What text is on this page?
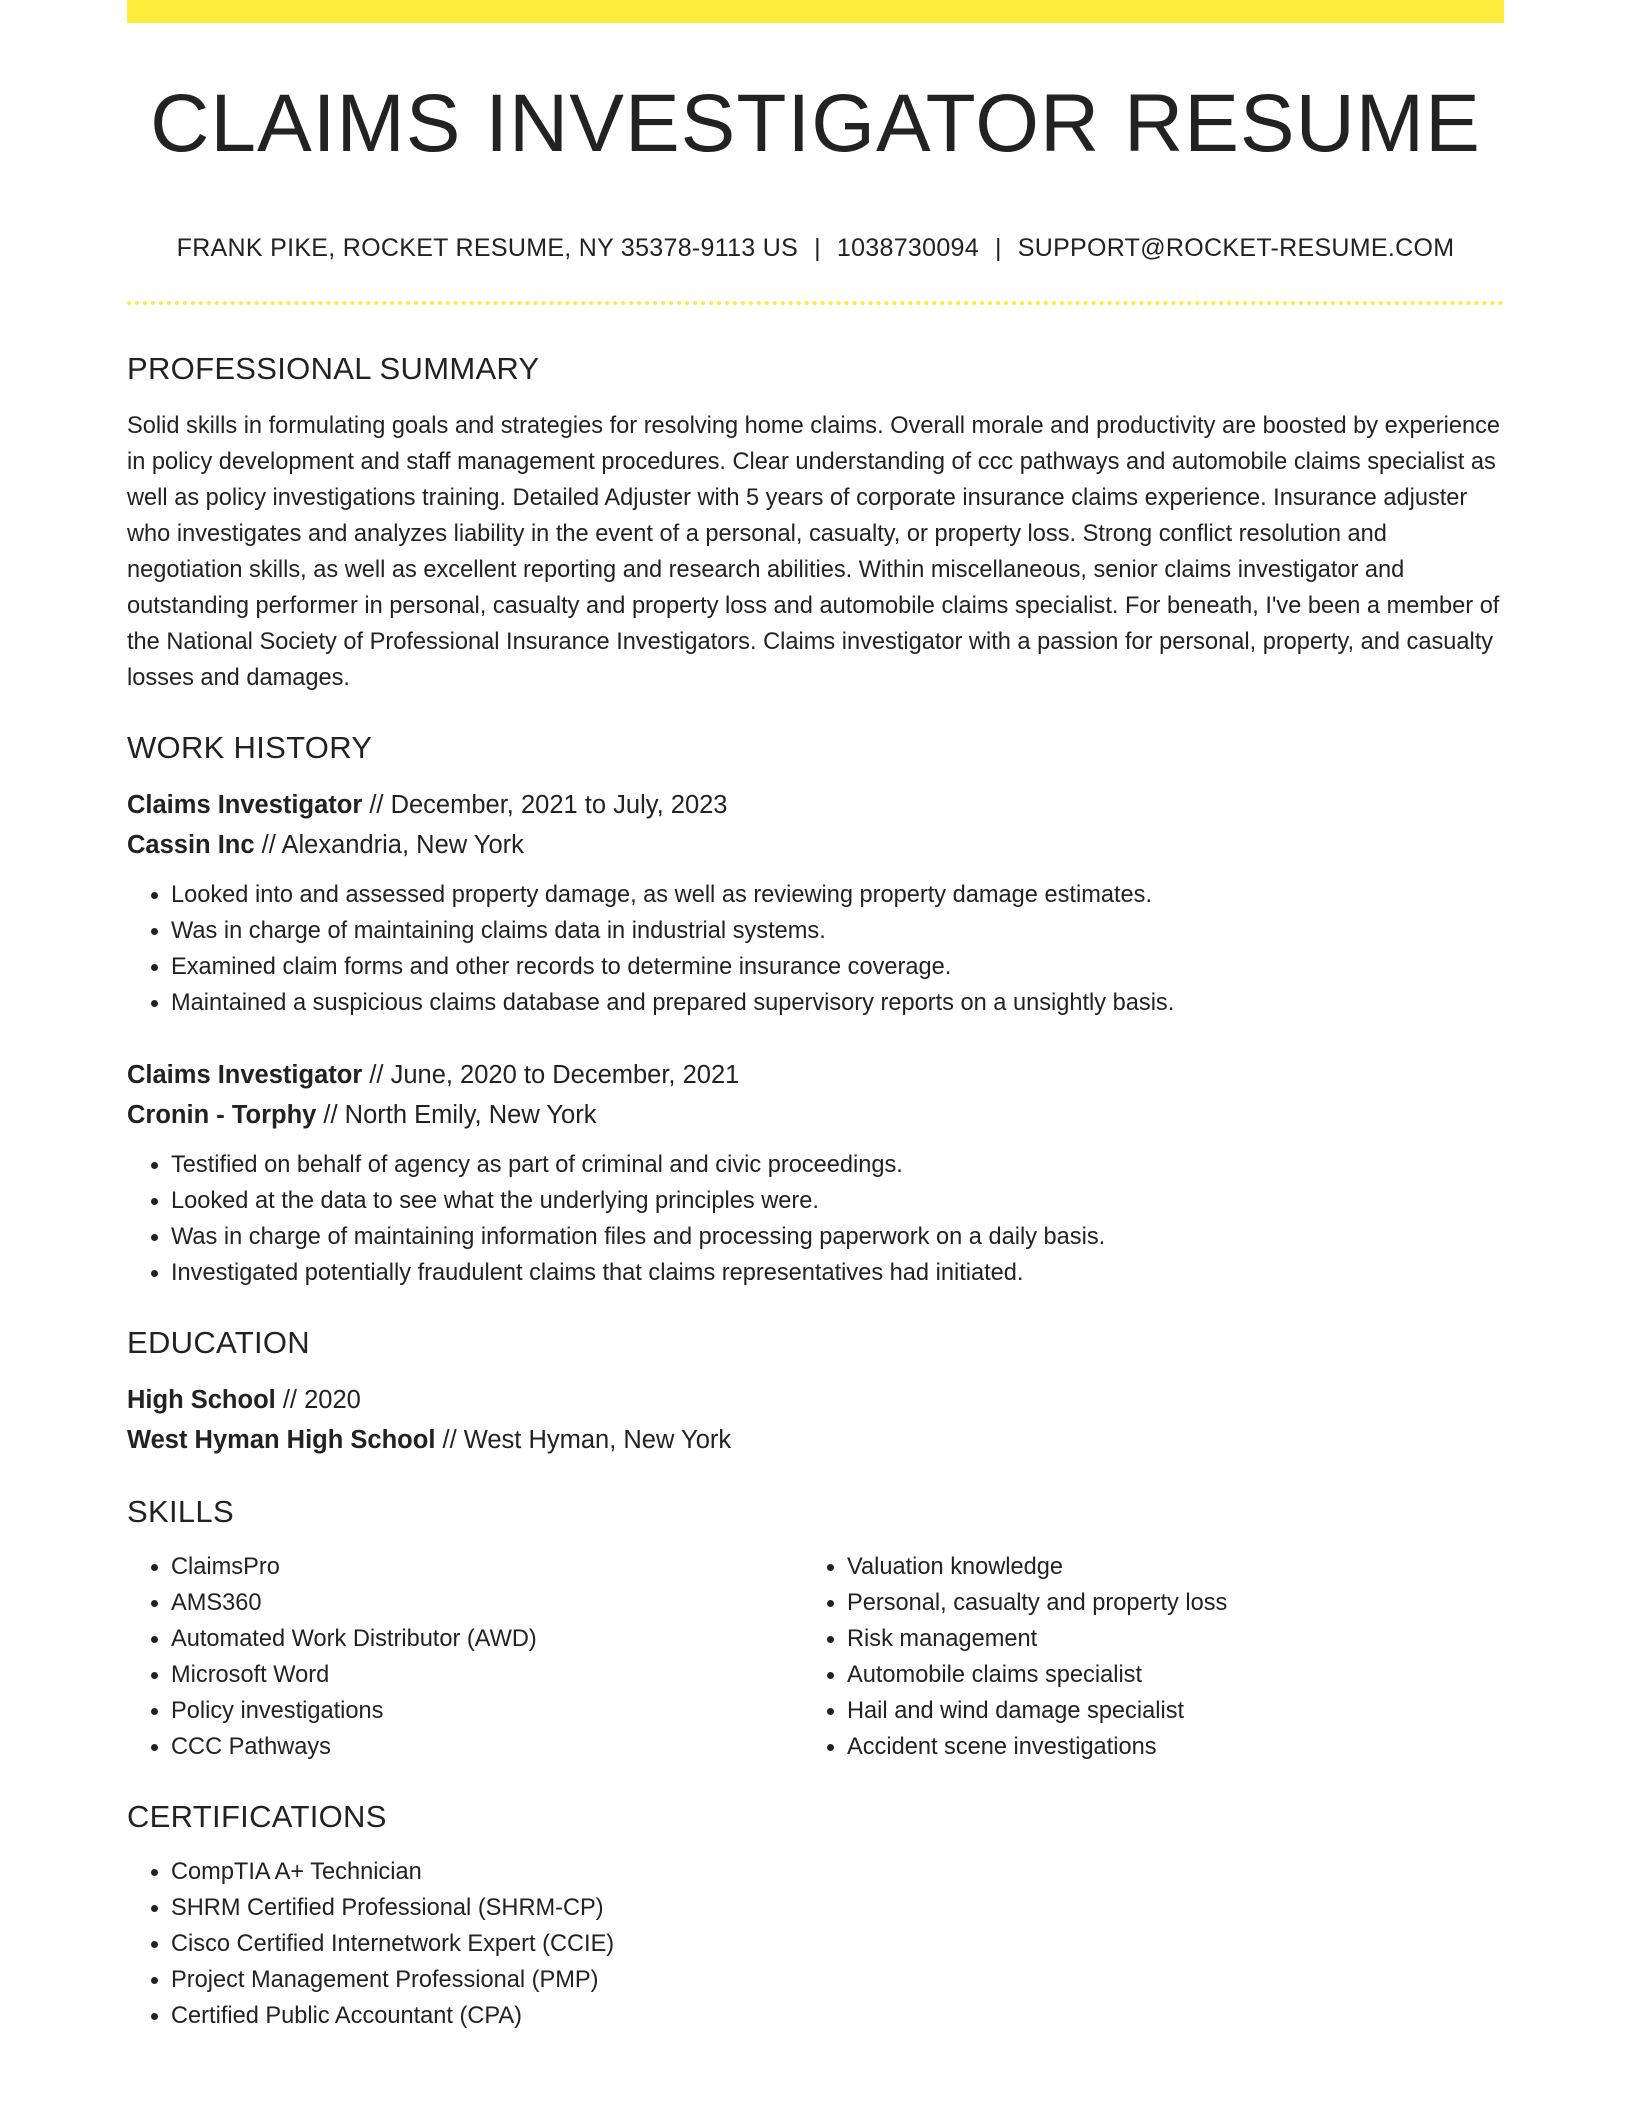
CLAIMS INVESTIGATOR RESUME
FRANK PIKE, ROCKET RESUME, NY 35378-9113 US | 1038730094 | SUPPORT@ROCKET-RESUME.COM
PROFESSIONAL SUMMARY

Solid skills in formulating goals and strategies for resolving home claims. Overall morale and productivity are boosted by experience in policy development and staff management procedures. Clear understanding of ccc pathways and automobile claims specialist as well as policy investigations training. Detailed Adjuster with 5 years of corporate insurance claims experience. Insurance adjuster who investigates and analyzes liability in the event of a personal, casualty, or property loss. Strong conflict resolution and negotiation skills, as well as excellent reporting and research abilities. Within miscellaneous, senior claims investigator and outstanding performer in personal, casualty and property loss and automobile claims specialist. For beneath, I've been a member of the National Society of Professional Insurance Investigators. Claims investigator with a passion for personal, property, and casualty losses and damages.

WORK HISTORY
Claims Investigator // December, 2021 to July, 2023
Cassin Inc // Alexandria, New York
• Looked into and assessed property damage, as well as reviewing property damage estimates.
• Was in charge of maintaining claims data in industrial systems.
• Examined claim forms and other records to determine insurance coverage.
• Maintained a suspicious claims database and prepared supervisory reports on a unsightly basis.
Claims Investigator // June, 2020 to December, 2021
Cronin - Torphy // North Emily, New York
• Testified on behalf of agency as part of criminal and civic proceedings.
• Looked at the data to see what the underlying principles were.
• Was in charge of maintaining information files and processing paperwork on a daily basis.
• Investigated potentially fraudulent claims that claims representatives had initiated.
EDUCATION
High School // 2020
West Hyman High School // West Hyman, New York
SKILLS
• ClaimsPro
• AMS360
• Automated Work Distributor (AWD)
• Microsoft Word
• Policy investigations
• CCC Pathways
• Valuation knowledge
• Personal, casualty and property loss
• Risk management
• Automobile claims specialist
• Hail and wind damage specialist
• Accident scene investigations
CERTIFICATIONS
• CompTIA A+ Technician
• SHRM Certified Professional (SHRM-CP)
• Cisco Certified Internetwork Expert (CCIE)
• Project Management Professional (PMP)
• Certified Public Accountant (CPA)
